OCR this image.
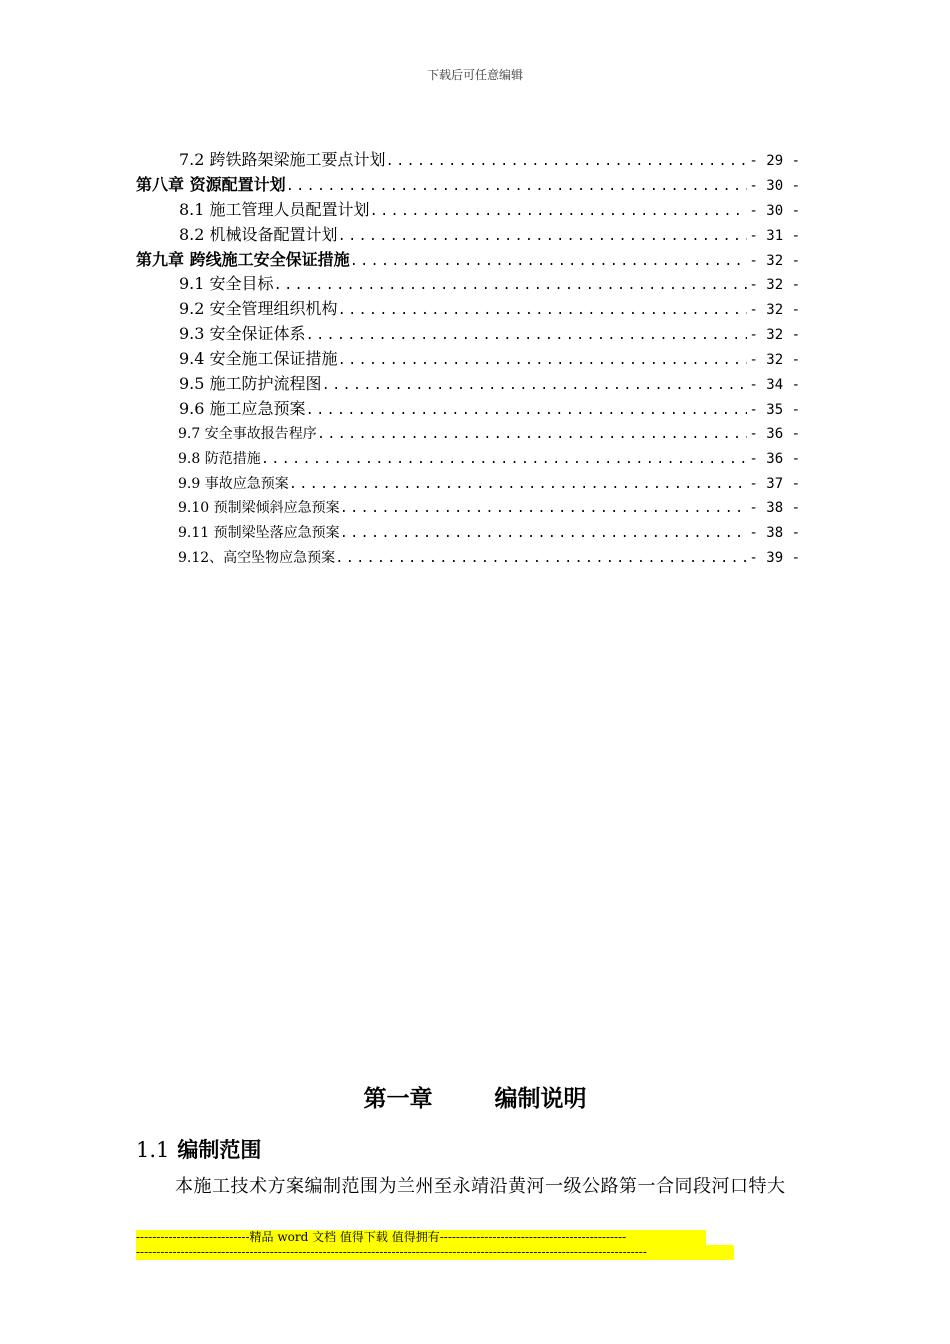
下载后可任意编辑
7.2 跨铁路架梁施工要点计划 .....	- 29 -
第八章 资源配置计划 .....	- 30 -
8.1 施工管理人员配置计划 .....	- 30 -
8.2 机械设备配置计划 .....	- 31 -
第九章 跨线施工安全保证措施 .....	- 32 -
9.1 安全目标 .....	- 32 -
9.2 安全管理组织机构 .....	- 32 -
9.3 安全保证体系 .....	- 32 -
9.4 安全施工保证措施 .....	- 32 -
9.5 施工防护流程图 .....	- 34 -
9.6 施工应急预案 .....	- 35 -
9.7 安全事故报告程序 .....	- 36 -
9.8 防范措施 .....	- 36 -
9.9 事故应急预案 .....	- 37 -
9.10 预制梁倾斜应急预案 .....	- 38 -
9.11 预制梁坠落应急预案 .....	- 38 -
9.12、高空坠物应急预案 .....	- 39 -
第一章	编制说明
1.1 编制范围
本施工技术方案编制范围为兰州至永靖沿黄河一级公路第一合同段河口特大
----------------------------精品 word 文档 值得下载 值得拥有----------------------------------------------
------------------------------------------------------------------------------------------------------------------------------
